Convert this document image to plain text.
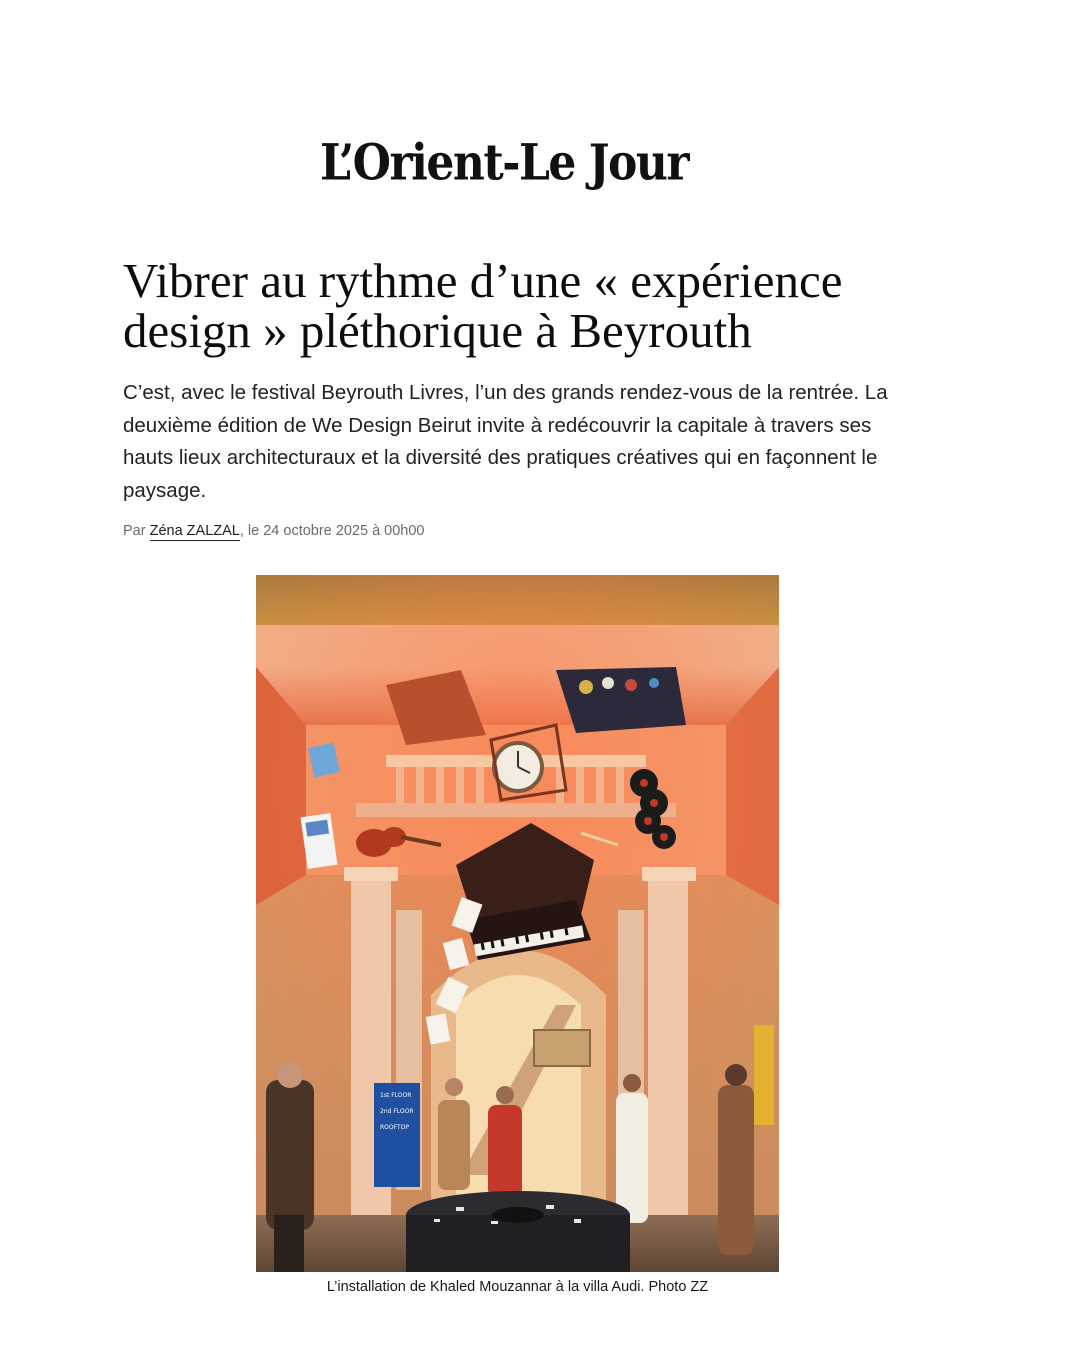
L’Orient-Le Jour
Vibrer au rythme d’une « expérience design » pléthorique à Beyrouth

C’est, avec le festival Beyrouth Livres, l’un des grands rendez-vous de la rentrée. La deuxième édition de We Design Beirut invite à redécouvrir la capitale à travers ses hauts lieux architecturaux et la diversité des pratiques créatives qui en façonnent le paysage.

Par Zéna ZALZAL, le 24 octobre 2025 à 00h00
1st FLOOR
2nd FLOOR
ROOFTOP
L’installation de Khaled Mouzannar à la villa Audi. Photo ZZ
